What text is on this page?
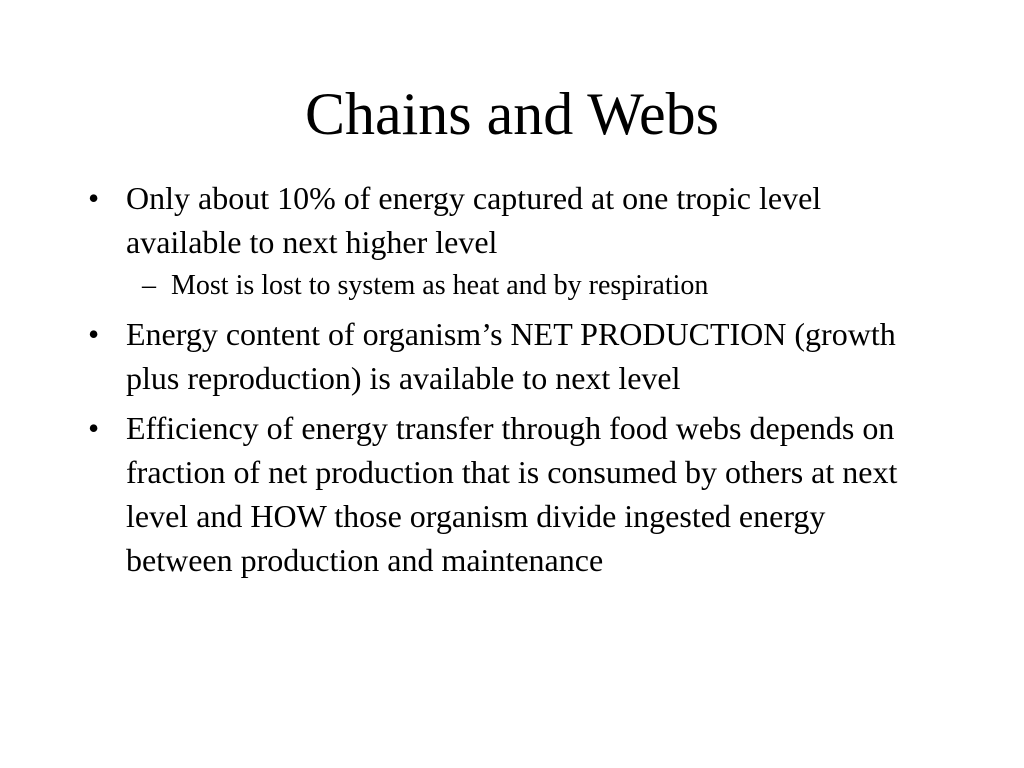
Chains and Webs
• Only about 10% of energy captured at one tropic level available to next higher level
– Most is lost to system as heat and by respiration
• Energy content of organism’s NET PRODUCTION (growth plus reproduction) is available to next level
• Efficiency of energy transfer through food webs depends on fraction of net production that is consumed by others at next level and HOW those organism divide ingested energy between production and maintenance
